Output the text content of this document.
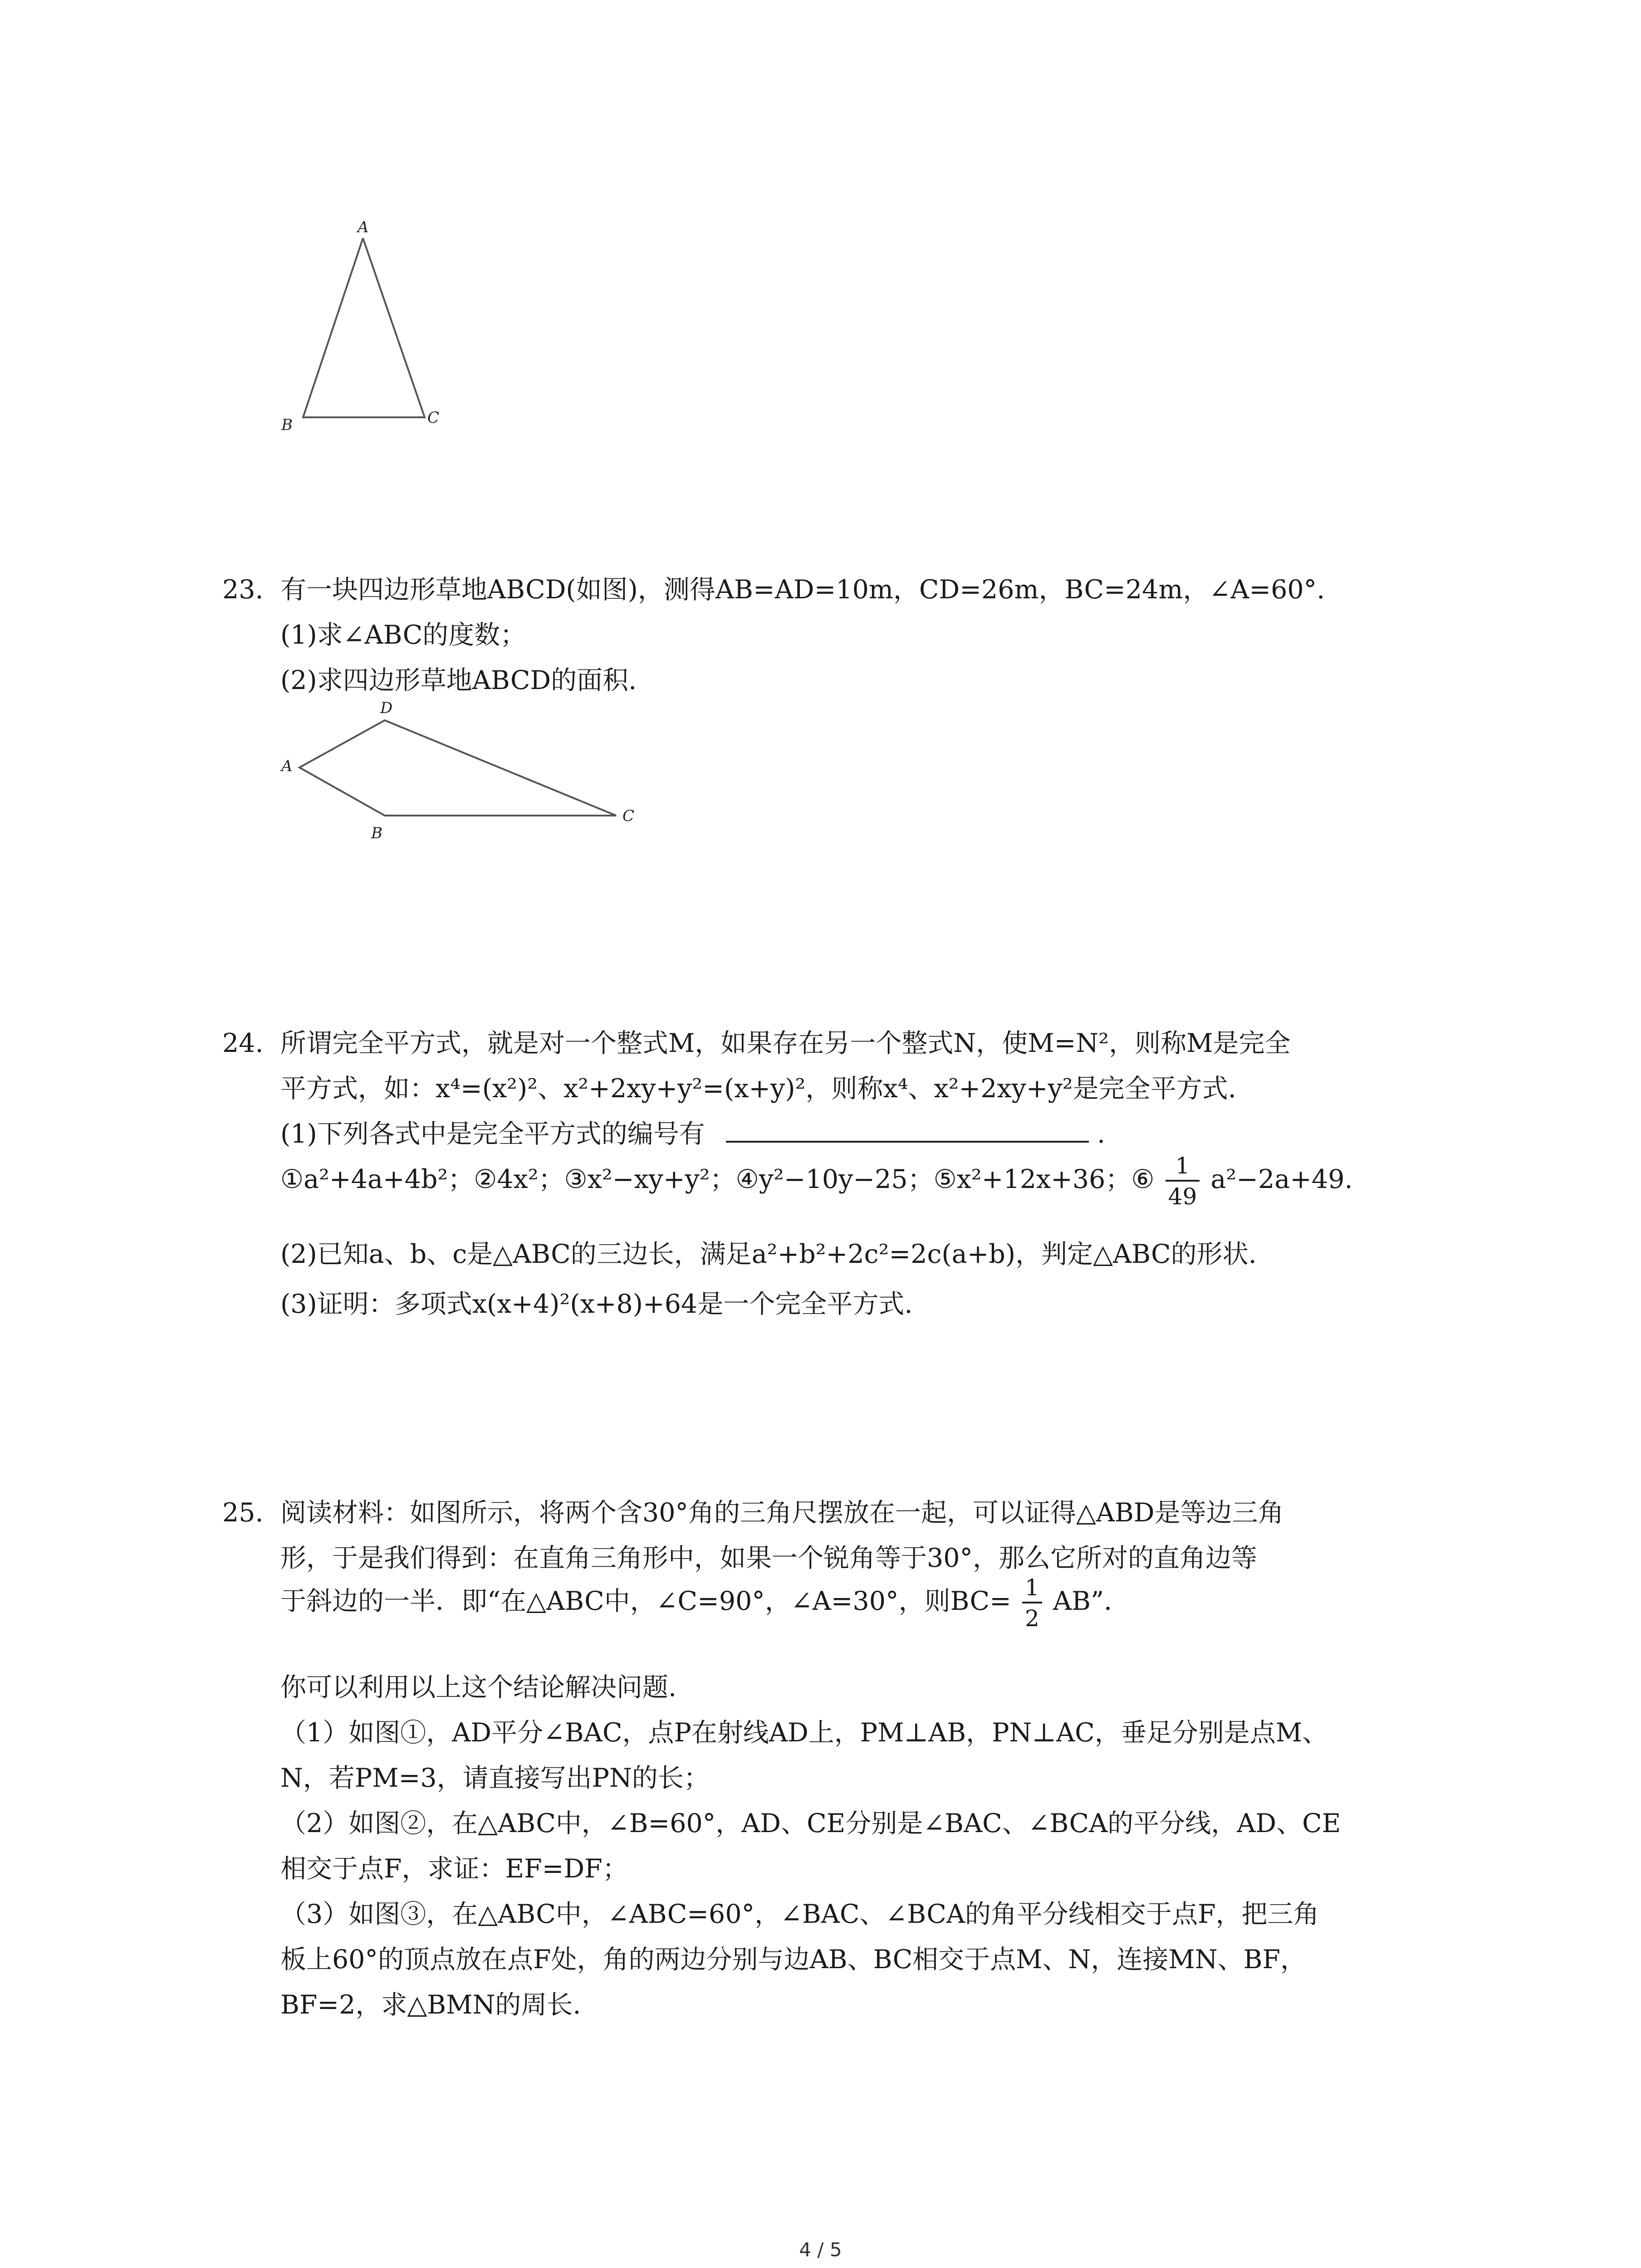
A
B	C
23. 有一块四边形草地ABCD(如图)，测得AB=AD=10m，CD=26m，BC=24m，∠A=60°.
(1)求∠ABC的度数；
(2)求四边形草地ABCD的面积.
D
A
B
C
24. 所谓完全平方式，就是对一个整式M，如果存在另一个整式N，使M=N²，则称M是完全
平方式，如：x⁴=(x²)²、x²+2xy+y²=(x+y)²，则称x⁴、x²+2xy+y²是完全平方式.
(1)下列各式中是完全平方式的编号有	.
①a²+4a+4b²；②4x²；③x²−xy+y²；④y²−10y−25；⑤x²+12x+36；⑥ $\frac{1}{49} a^2-2a+49$.
(2)已知a、b、c是△ABC的三边长，满足a²+b²+2c²=2c(a+b)，判定△ABC的形状.
(3)证明：多项式x(x+4)²(x+8)+64是一个完全平方式.
25. 阅读材料：如图所示，将两个含30°角的三角尺摆放在一起，可以证得△ABD是等边三角
形，于是我们得到：在直角三角形中，如果一个锐角等于30°，那么它所对的直角边等
于斜边的一半．即“在△ABC中，∠C=90°，∠A=30°，则$BC= \frac{1}{2}$ AB”．
你可以利用以上这个结论解决问题.
（1）如图①，AD平分∠BAC，点P在射线AD上，PM⊥AB，PN⊥AC，垂足分别是点M、
N，若PM=3，请直接写出PN的长；
（2）如图②，在△ABC中，∠B=60°，AD、CE分别是∠BAC、∠BCA的平分线，AD、CE
相交于点F，求证：EF=DF；
（3）如图③，在△ABC中，∠ABC=60°，∠BAC、∠BCA的角平分线相交于点F，把三角
板上60°的顶点放在点F处，角的两边分别与边AB、BC相交于点M、N，连接MN、BF，
BF=2，求△BMN的周长.
4 / 5
